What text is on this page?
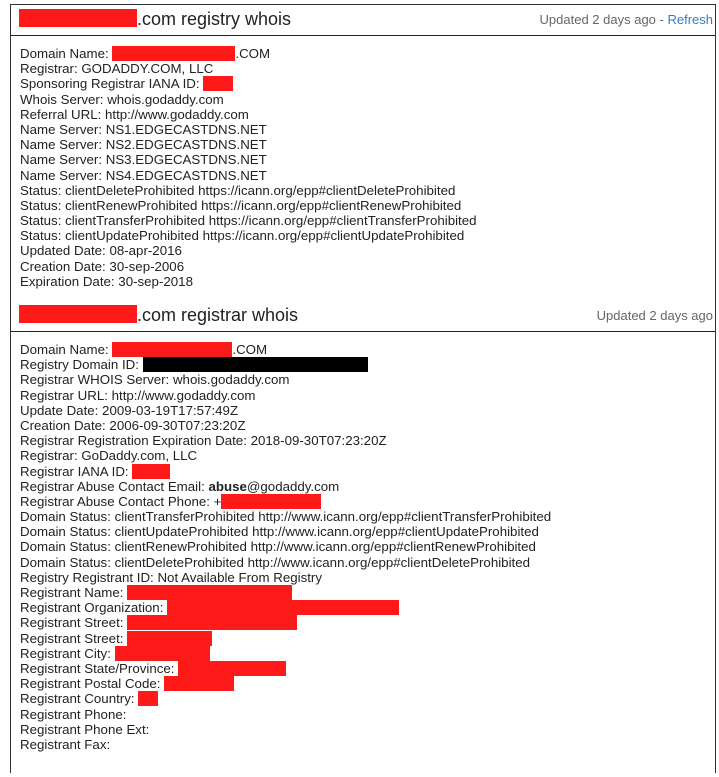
.com registry whois	Updated 2 days ago - Refresh
Domain Name:	.COM
Registrar: GODADDY.COM, LLC
Sponsoring Registrar IANA ID:
Whois Server: whois.godaddy.com
Referral URL: http://www.godaddy.com
Name Server: NS1.EDGECASTDNS.NET
Name Server: NS2.EDGECASTDNS.NET
Name Server: NS3.EDGECASTDNS.NET
Name Server: NS4.EDGECASTDNS.NET
Status: clientDeleteProhibited https://icann.org/epp#clientDeleteProhibited
Status: clientRenewProhibited https://icann.org/epp#clientRenewProhibited
Status: clientTransferProhibited https://icann.org/epp#clientTransferProhibited
Status: clientUpdateProhibited https://icann.org/epp#clientUpdateProhibited
Updated Date: 08-apr-2016
Creation Date: 30-sep-2006
Expiration Date: 30-sep-2018
.com registrar whois	Updated 2 days ago
Domain Name:	.COM
Registry Domain ID:
Registrar WHOIS Server: whois.godaddy.com
Registrar URL: http://www.godaddy.com
Update Date: 2009-03-19T17:57:49Z
Creation Date: 2006-09-30T07:23:20Z
Registrar Registration Expiration Date: 2018-09-30T07:23:20Z
Registrar: GoDaddy.com, LLC
Registrar IANA ID:
Registrar Abuse Contact Email: abuse@godaddy.com
Registrar Abuse Contact Phone: +
Domain Status: clientTransferProhibited http://www.icann.org/epp#clientTransferProhibited
Domain Status: clientUpdateProhibited http://www.icann.org/epp#clientUpdateProhibited
Domain Status: clientRenewProhibited http://www.icann.org/epp#clientRenewProhibited
Domain Status: clientDeleteProhibited http://www.icann.org/epp#clientDeleteProhibited
Registry Registrant ID: Not Available From Registry
Registrant Name:
Registrant Organization:
Registrant Street:
Registrant Street:
Registrant City:
Registrant State/Province:
Registrant Postal Code:
Registrant Country:
Registrant Phone:
Registrant Phone Ext:
Registrant Fax:
